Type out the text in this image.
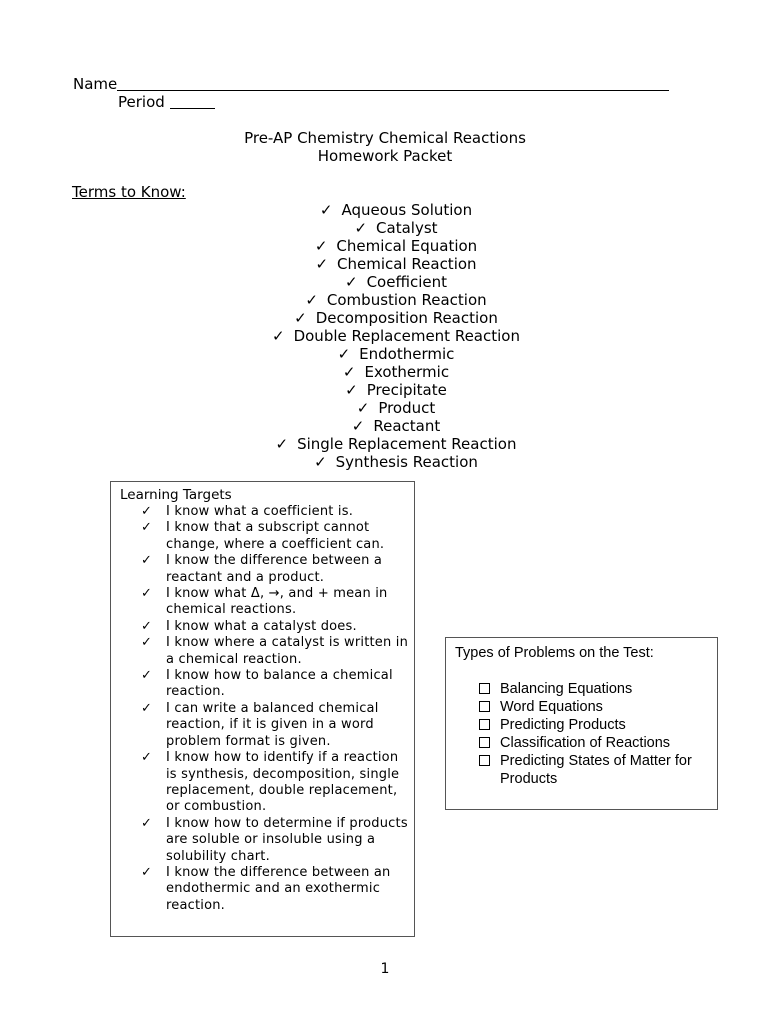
Name
Period
Pre-AP Chemistry Chemical Reactions
Homework Packet
Terms to Know:
✓ Aqueous Solution
✓ Catalyst
✓ Chemical Equation
✓ Chemical Reaction
✓ Coefficient
✓ Combustion Reaction
✓ Decomposition Reaction
✓ Double Replacement Reaction
✓ Endothermic
✓ Exothermic
✓ Precipitate
✓ Product
✓ Reactant
✓ Single Replacement Reaction
✓ Synthesis Reaction
Learning Targets
✓ I know what a coefficient is.
✓ I know that a subscript cannot change, where a coefficient can.
✓ I know the difference between a reactant and a product.
✓ I know what Δ, →, and + mean in chemical reactions.
✓ I know what a catalyst does.
✓ I know where a catalyst is written in a chemical reaction.
✓ I know how to balance a chemical reaction.
✓ I can write a balanced chemical reaction, if it is given in a word problem format is given.
✓ I know how to identify if a reaction is synthesis, decomposition, single replacement, double replacement, or combustion.
✓ I know how to determine if products are soluble or insoluble using a solubility chart.
✓ I know the difference between an endothermic and an exothermic reaction.
Types of Problems on the Test:
Balancing Equations
Word Equations
Predicting Products
Classification of Reactions
Predicting States of Matter for Products
1
